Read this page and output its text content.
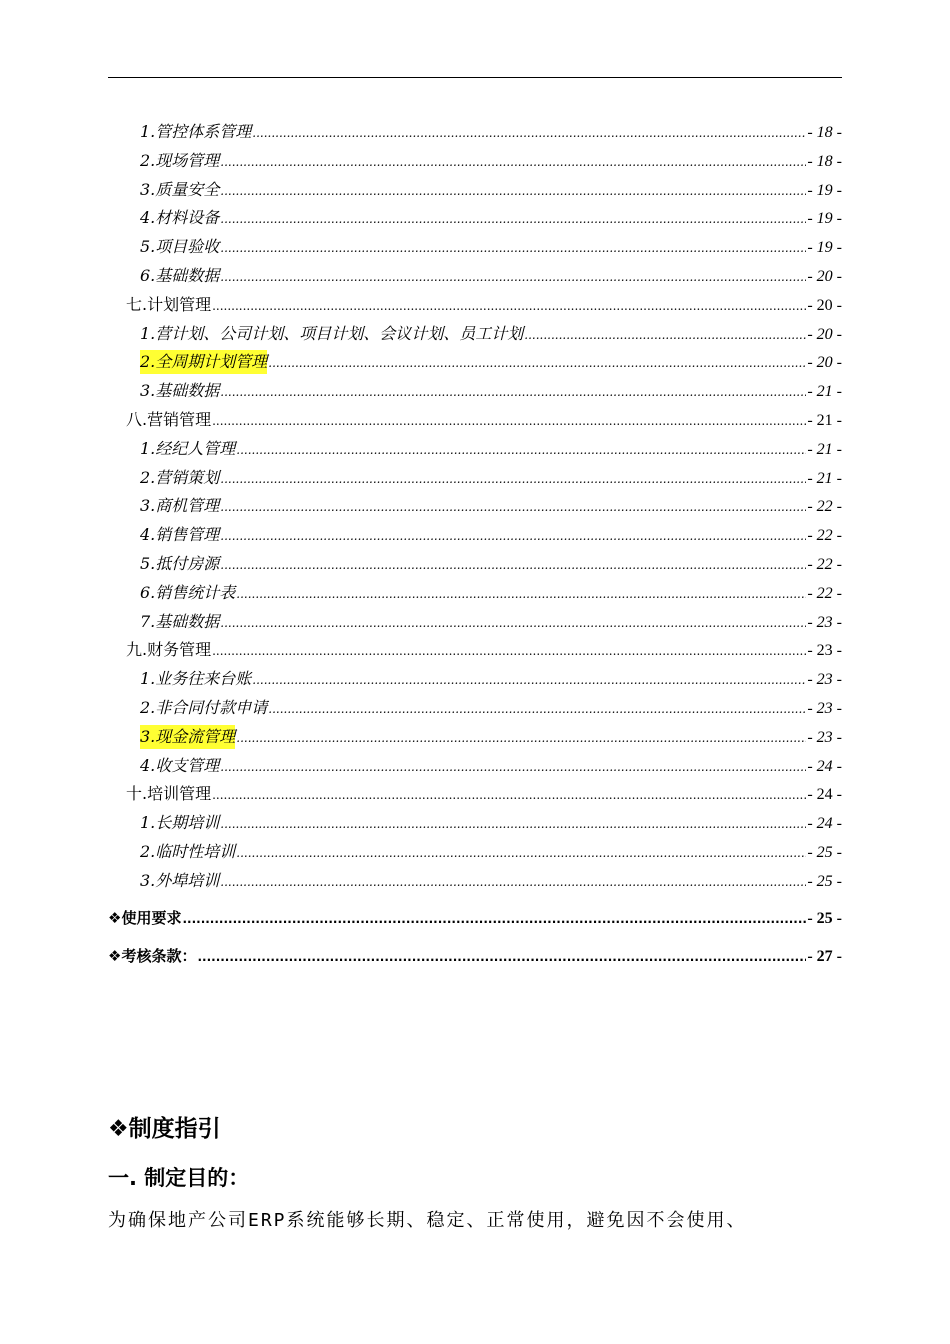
1.管控体系管理 .....	- 18 -
2.现场管理 .....	- 18 -
3.质量安全 .....	- 19 -
4.材料设备 .....	- 19 -
5.项目验收 .....	- 19 -
6.基础数据 .....	- 20 -
七.计划管理 .....	- 20 -
1.营计划、公司计划、项目计划、会议计划、员工计划 .....	- 20 -
2.全周期计划管理 .....	- 20 -
3.基础数据 .....	- 21 -
八.营销管理 .....	- 21 -
1.经纪人管理 .....	- 21 -
2.营销策划 .....	- 21 -
3.商机管理 .....	- 22 -
4.销售管理 .....	- 22 -
5.抵付房源 .....	- 22 -
6.销售统计表 .....	- 22 -
7.基础数据 .....	- 23 -
九.财务管理 .....	- 23 -
1.业务往来台账 .....	- 23 -
2.非合同付款申请 .....	- 23 -
3.现金流管理 .....	- 23 -
4.收支管理 .....	- 24 -
十.培训管理 .....	- 24 -
1.长期培训 .....	- 24 -
2.临时性培训 .....	- 25 -
3.外埠培训 .....	- 25 -
❖使用要求 .....	- 25 -
❖考核条款： .....	- 27 -
❖制度指引
一. 制定目的：
为确保地产公司ERP系统能够长期、稳定、正常使用，避免因不会使用、
